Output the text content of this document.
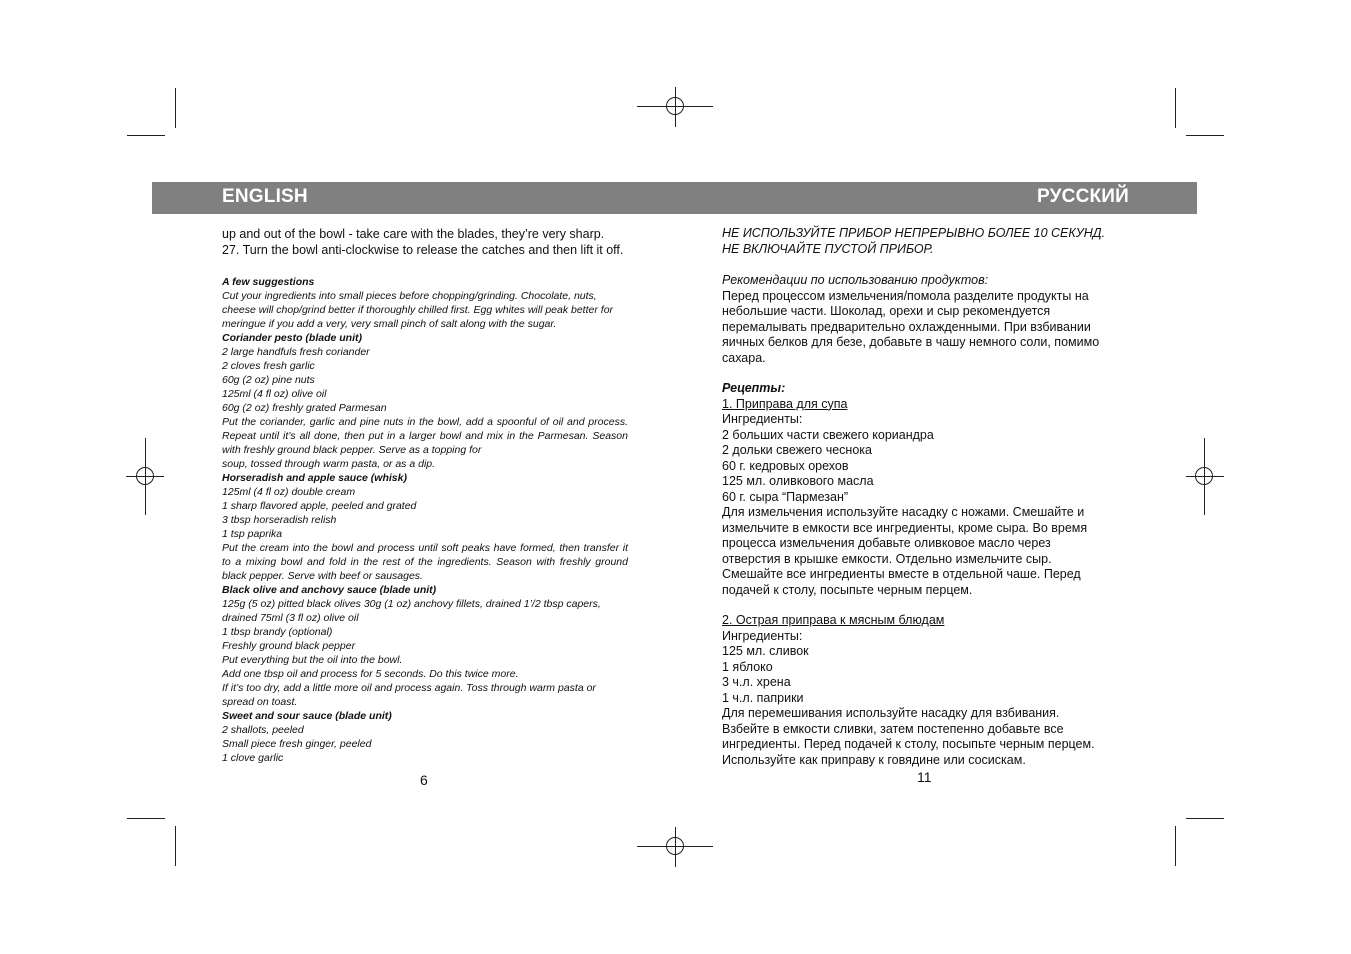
ENGLISH	РУССКИЙ

up and out of the bowl - take care with the blades, they’re very sharp.

27. Turn the bowl anti-clockwise to release the catches and then lift it off.

A few suggestions

Cut your ingredients into small pieces before chopping/grinding. Chocolate, nuts, cheese will chop/grind better if thoroughly chilled first. Egg whites will peak better for meringue if you add a very, very small pinch of salt along with the sugar.

Coriander pesto (blade unit)

2 large handfuls fresh coriander

2 cloves fresh garlic

60g (2 oz) pine nuts

125ml (4 fl oz) olive oil

60g (2 oz) freshly grated Parmesan

Put the coriander, garlic and pine nuts in the bowl, add a spoonful of oil and process. Repeat until it’s all done, then put in a larger bowl and mix in the Parmesan. Season with freshly ground black pepper. Serve as a topping for

soup, tossed through warm pasta, or as a dip.

Horseradish and apple sauce (whisk)

125ml (4 fl oz) double cream

1 sharp flavored apple, peeled and grated

3 tbsp horseradish relish

1 tsp paprika

Put the cream into the bowl and process until soft peaks have formed, then transfer it to a mixing bowl and fold in the rest of the ingredients. Season with freshly ground black pepper. Serve with beef or sausages.

Black olive and anchovy sauce (blade unit)

125g (5 oz) pitted black olives 30g (1 oz) anchovy fillets, drained 1’/2 tbsp capers, drained 75ml (3 fl oz) olive oil

1 tbsp brandy (optional)

Freshly ground black pepper

Put everything but the oil into the bowl.

Add one tbsp oil and process for 5 seconds. Do this twice more.

If it’s too dry, add a little more oil and process again. Toss through warm pasta or spread on toast.

Sweet and sour sauce (blade unit)

2 shallots, peeled

Small piece fresh ginger, peeled

1 clove garlic

6

НЕ ИСПОЛЬЗУЙТЕ ПРИБОР НЕПРЕРЫВНО БОЛЕЕ 10 СЕКУНД.

НЕ ВКЛЮЧАЙТЕ ПУСТОЙ ПРИБОР.

Рекомендации по использованию продуктов:

Перед процессом измельчения/помола разделите продукты на

небольшие части. Шоколад, орехи и сыр рекомендуется

перемалывать предварительно охлажденными. При взбивании

яичных белков для безе, добавьте в чашу немного соли, помимо

сахара.

Рецепты:

1. Приправа для супа

Ингредиенты:

2 больших части свежего кориандра

2 дольки свежего чеснока

60 г. кедровых орехов

125 мл. оливкового масла

60 г. сыра “Пармезан”

Для измельчения используйте насадку с ножами. Смешайте и

измельчите в емкости все ингредиенты, кроме сыра. Во время

процесса измельчения добавьте оливковое масло через

отверстия в крышке емкости. Отдельно измельчите сыр.

Смешайте все ингредиенты вместе в отдельной чаше. Перед

подачей к столу, посыпьте черным перцем.

2. Острая приправа к мясным блюдам

Ингредиенты:

125 мл. сливок

1 яблоко

3 ч.л. хрена

1 ч.л. паприки

Для перемешивания используйте насадку для взбивания.

Взбейте в емкости сливки, затем постепенно добавьте все

ингредиенты. Перед подачей к столу, посыпьте черным перцем.

Используйте как приправу к говядине или сосискам.

11
